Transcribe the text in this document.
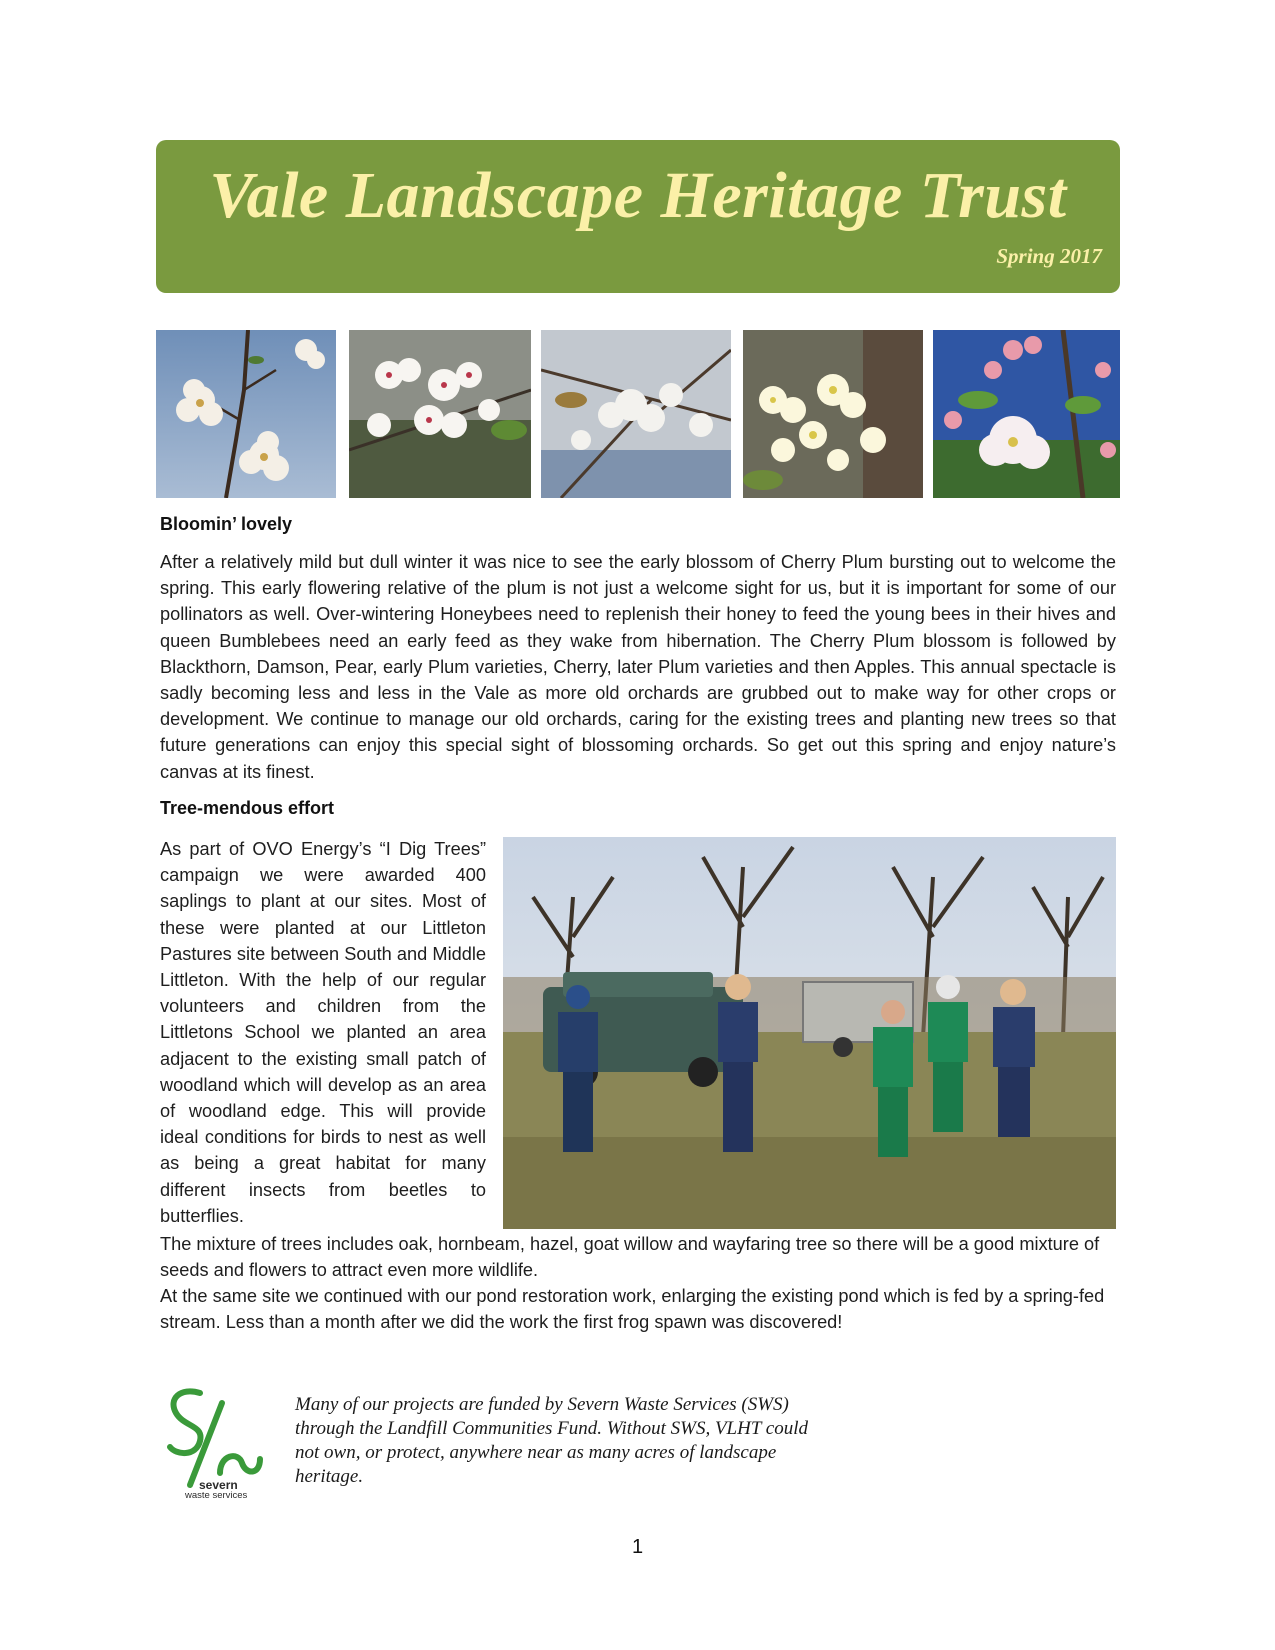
Vale Landscape Heritage Trust
Spring 2017
Bloomin’ lovely
After a relatively mild but dull winter it was nice to see the early blossom of Cherry Plum bursting out to welcome the spring. This early flowering relative of the plum is not just a welcome sight for us, but it is important for some of our pollinators as well. Over-wintering Honeybees need to replenish their honey to feed the young bees in their hives and queen Bumblebees need an early feed as they wake from hibernation. The Cherry Plum blossom is followed by Blackthorn, Damson, Pear, early Plum varieties, Cherry, later Plum varieties and then Apples. This annual spectacle is sadly becoming less and less in the Vale as more old orchards are grubbed out to make way for other crops or development. We continue to manage our old orchards, caring for the existing trees and planting new trees so that future generations can enjoy this special sight of blossoming orchards. So get out this spring and enjoy nature’s canvas at its finest.
Tree-mendous effort
As part of OVO Energy’s “I Dig Trees” campaign we were awarded 400 saplings to plant at our sites. Most of these were planted at our Littleton Pastures site between South and Middle Littleton. With the help of our regular volunteers and children from the Littletons School we planted an area adjacent to the existing small patch of woodland which will develop as an area of woodland edge. This will provide ideal conditions for birds to nest as well as being a great habitat for many different insects from beetles to butterflies.
The mixture of trees includes oak, hornbeam, hazel, goat willow and wayfaring tree so there will be a good mixture of seeds and flowers to attract even more wildlife.
At the same site we continued with our pond restoration work, enlarging the existing pond which is fed by a spring-fed stream. Less than a month after we did the work the first frog spawn was discovered!
severn
waste services
Many of our projects are funded by Severn Waste Services (SWS) through the Landfill Communities Fund. Without SWS, VLHT could not own, or protect, anywhere near as many acres of landscape heritage.
1
